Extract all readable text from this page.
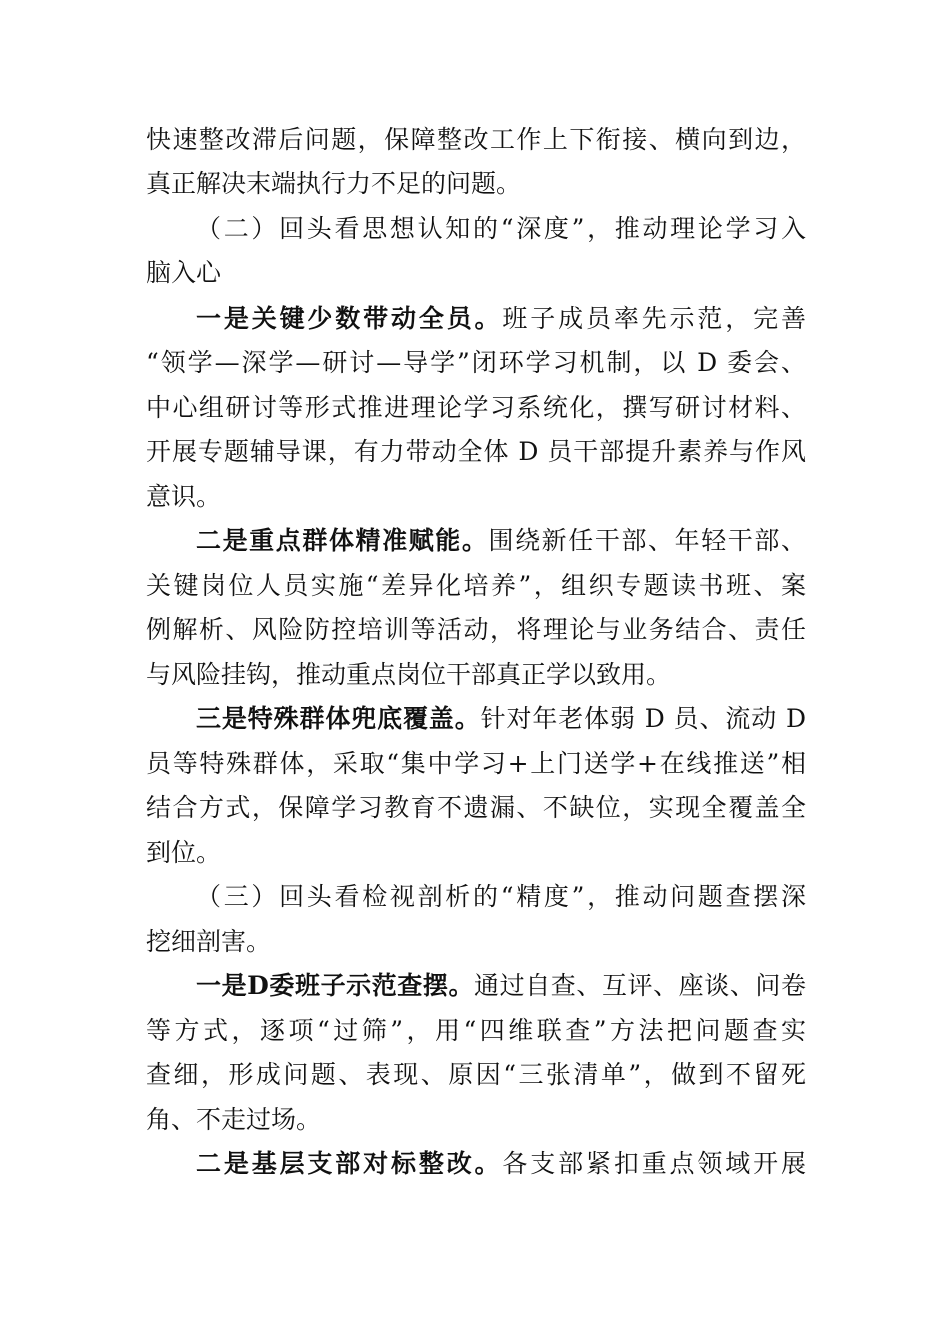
快速整改滞后问题，保障整改工作上下衔接、横向到边，
真正解决末端执行力不足的问题。
（二）回头看思想认知的“深度”，推动理论学习入
脑入心
一是关键少数带动全员。班子成员率先示范，完善
“领学—深学—研讨—导学”闭环学习机制，以 D 委会、
中心组研讨等形式推进理论学习系统化，撰写研讨材料、
开展专题辅导课，有力带动全体 D 员干部提升素养与作风
意识。
二是重点群体精准赋能。围绕新任干部、年轻干部、
关键岗位人员实施“差异化培养”，组织专题读书班、案
例解析、风险防控培训等活动，将理论与业务结合、责任
与风险挂钩，推动重点岗位干部真正学以致用。
三是特殊群体兜底覆盖。针对年老体弱 D 员、流动 D
员等特殊群体，采取“集中学习+上门送学+在线推送”相
结合方式，保障学习教育不遗漏、不缺位，实现全覆盖全
到位。
（三）回头看检视剖析的“精度”，推动问题查摆深
挖细剖害。
一是D委班子示范查摆。通过自查、互评、座谈、问卷
等方式，逐项“过筛”，用“四维联查”方法把问题查实
查细，形成问题、表现、原因“三张清单”，做到不留死
角、不走过场。
二是基层支部对标整改。各支部紧扣重点领域开展
